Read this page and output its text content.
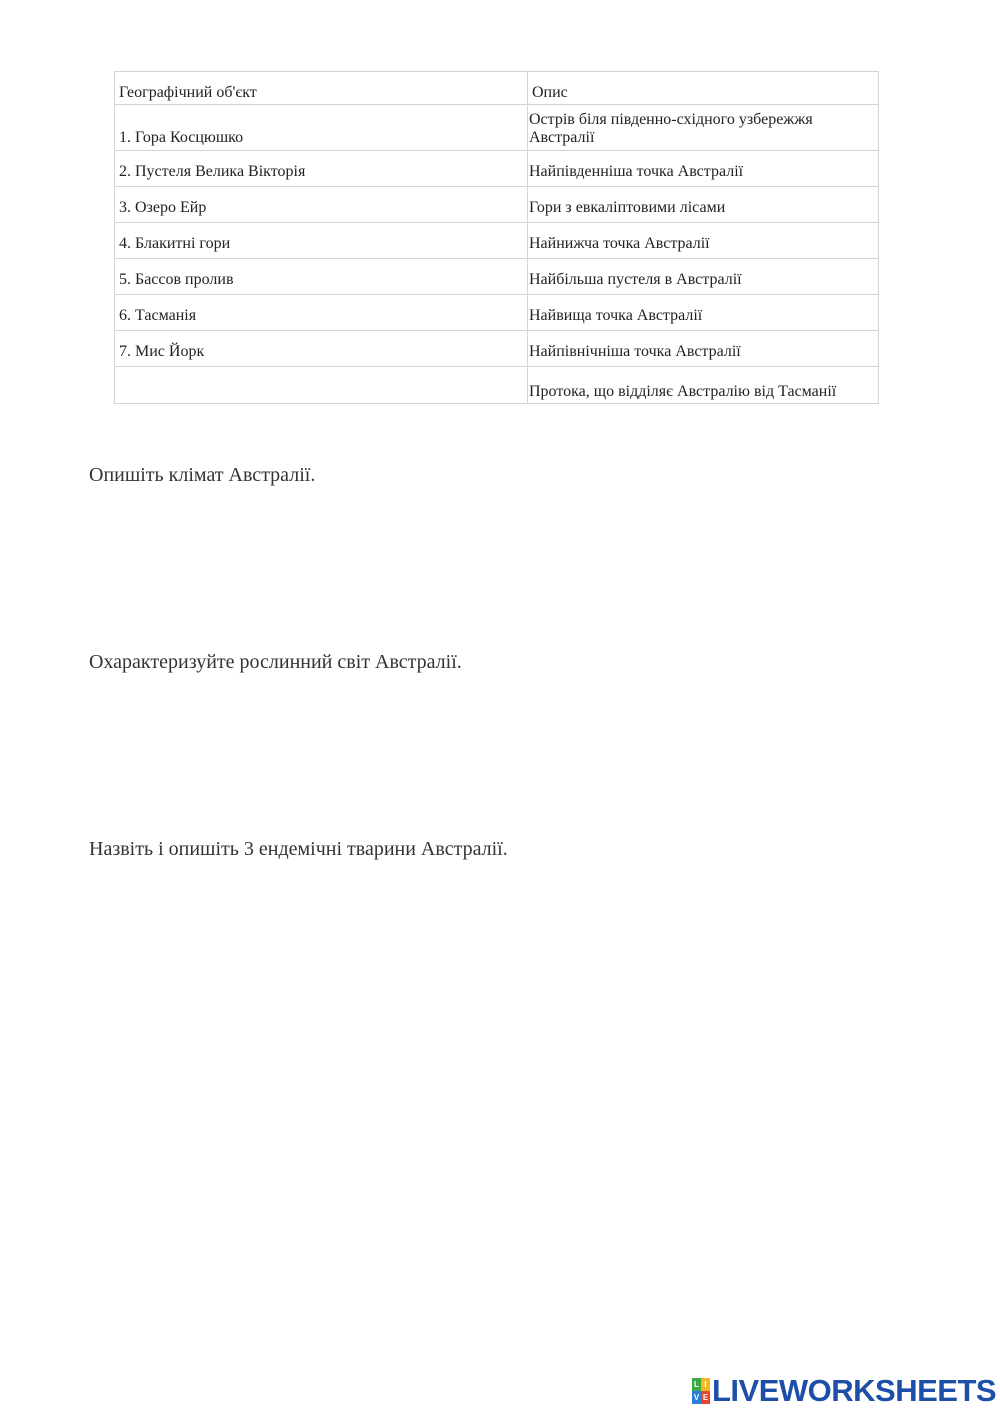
Географічний об'єкт	Опис
1. Гора Косцюшко	Острів біля південно-східного узбережжя Австралії
2. Пустеля Велика Вікторія	Найпівденніша точка Австралії
3. Озеро Ейр	Гори з евкаліптовими лісами
4. Блакитні гори	Найнижча точка Австралії
5. Бассов пролив	Найбільша пустеля в Австралії
6. Тасманія	Найвища точка Австралії
7. Мис Йорк	Найпівнічніша точка Австралії
	Протока, що відділяє Австралію від Тасманії

Опишіть клімат Австралії.

Охарактеризуйте рослинний світ Австралії.

Назвіть і опишіть 3 ендемічні тварини Австралії.

L I
V E LIVEWORKSHEETS
